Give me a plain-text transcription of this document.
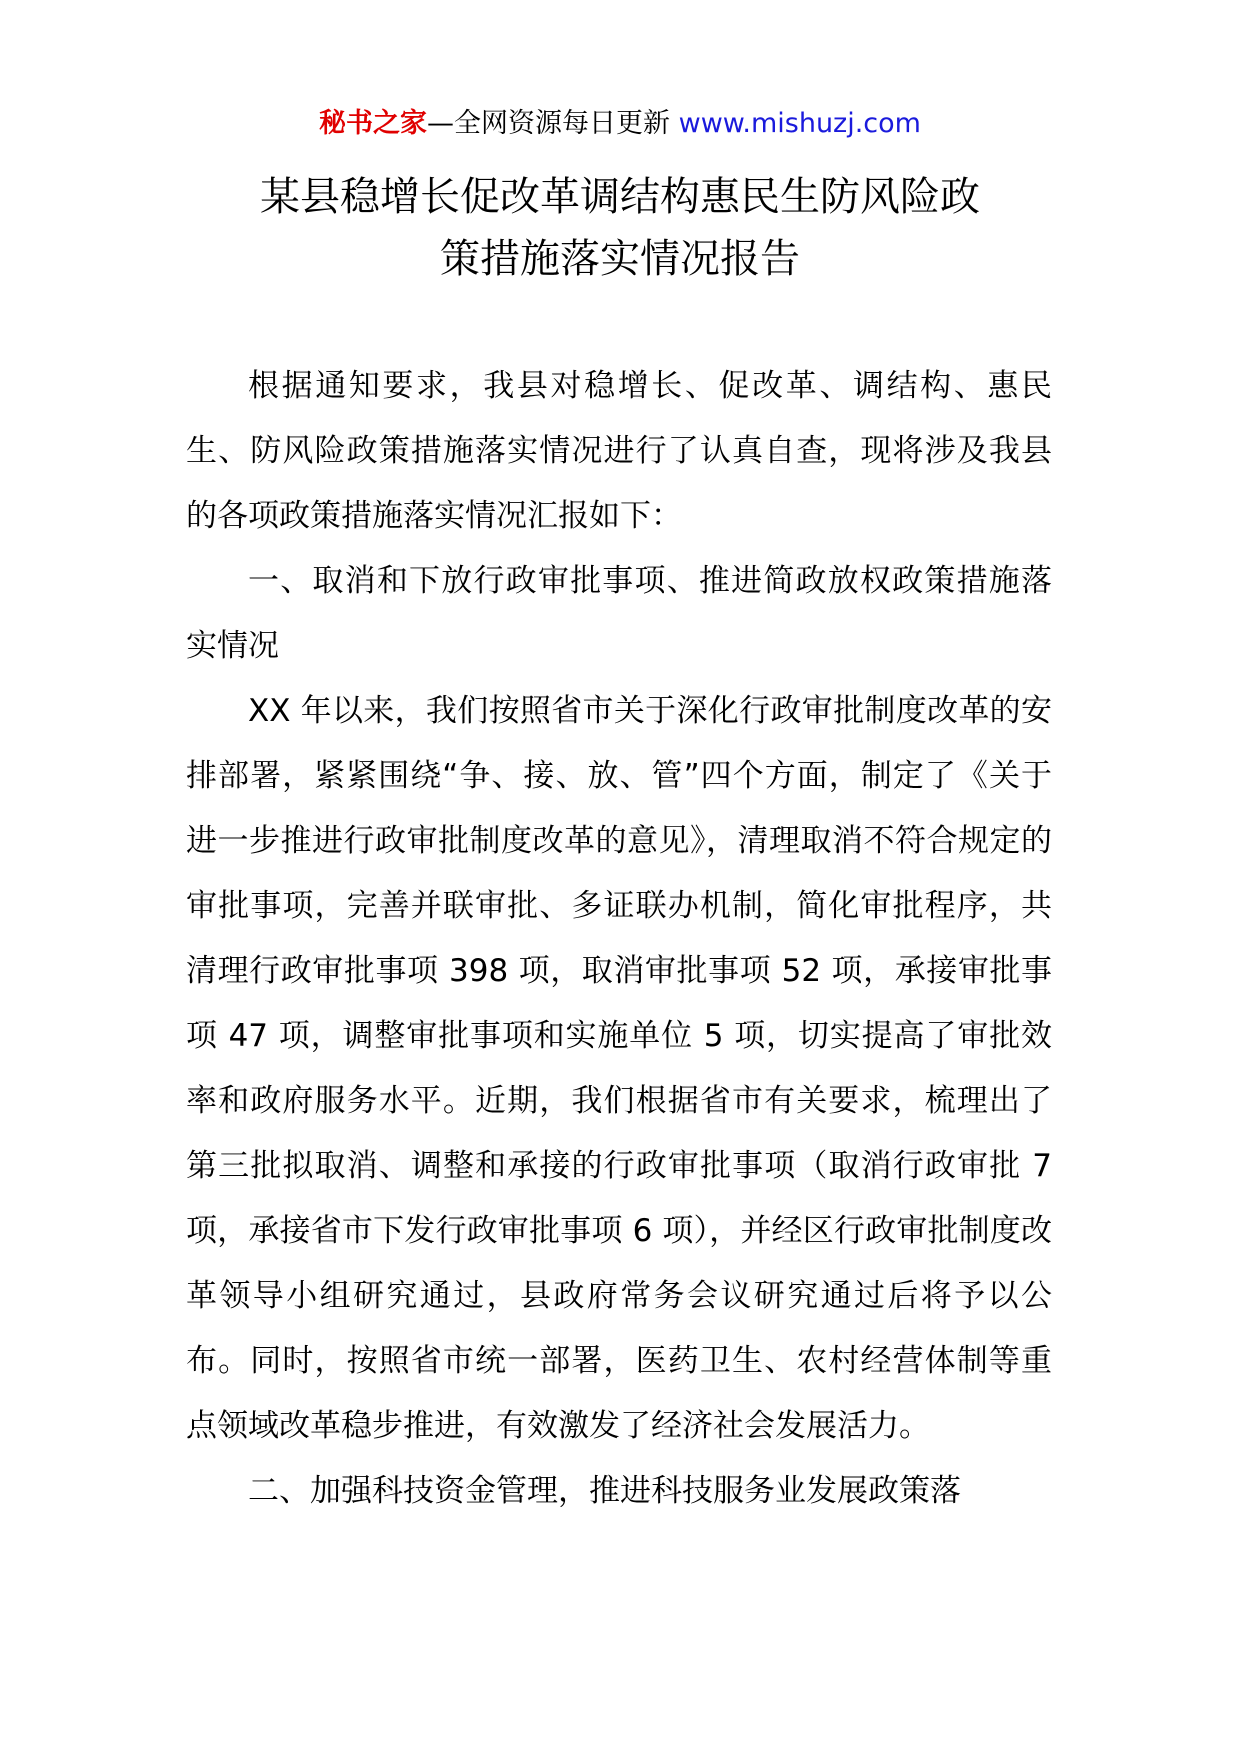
秘书之家—全网资源每日更新 www.mishuzj.com
某县稳增长促改革调结构惠民生防风险政
策措施落实情况报告

根据通知要求，我县对稳增长、促改革、调结构、惠民生、防风险政策措施落实情况进行了认真自查，现将涉及我县的各项政策措施落实情况汇报如下：

一、取消和下放行政审批事项、推进简政放权政策措施落实情况

XX 年以来，我们按照省市关于深化行政审批制度改革的安排部署，紧紧围绕“争、接、放、管”四个方面，制定了《关于进一步推进行政审批制度改革的意见》，清理取消不符合规定的审批事项，完善并联审批、多证联办机制，简化审批程序，共清理行政审批事项 398 项，取消审批事项 52 项，承接审批事项 47 项，调整审批事项和实施单位 5 项，切实提高了审批效率和政府服务水平。近期，我们根据省市有关要求，梳理出了第三批拟取消、调整和承接的行政审批事项（取消行政审批 7 项，承接省市下发行政审批事项 6 项），并经区行政审批制度改革领导小组研究通过，县政府常务会议研究通过后将予以公布。同时，按照省市统一部署，医药卫生、农村经营体制等重点领域改革稳步推进，有效激发了经济社会发展活力。

二、加强科技资金管理，推进科技服务业发展政策落
